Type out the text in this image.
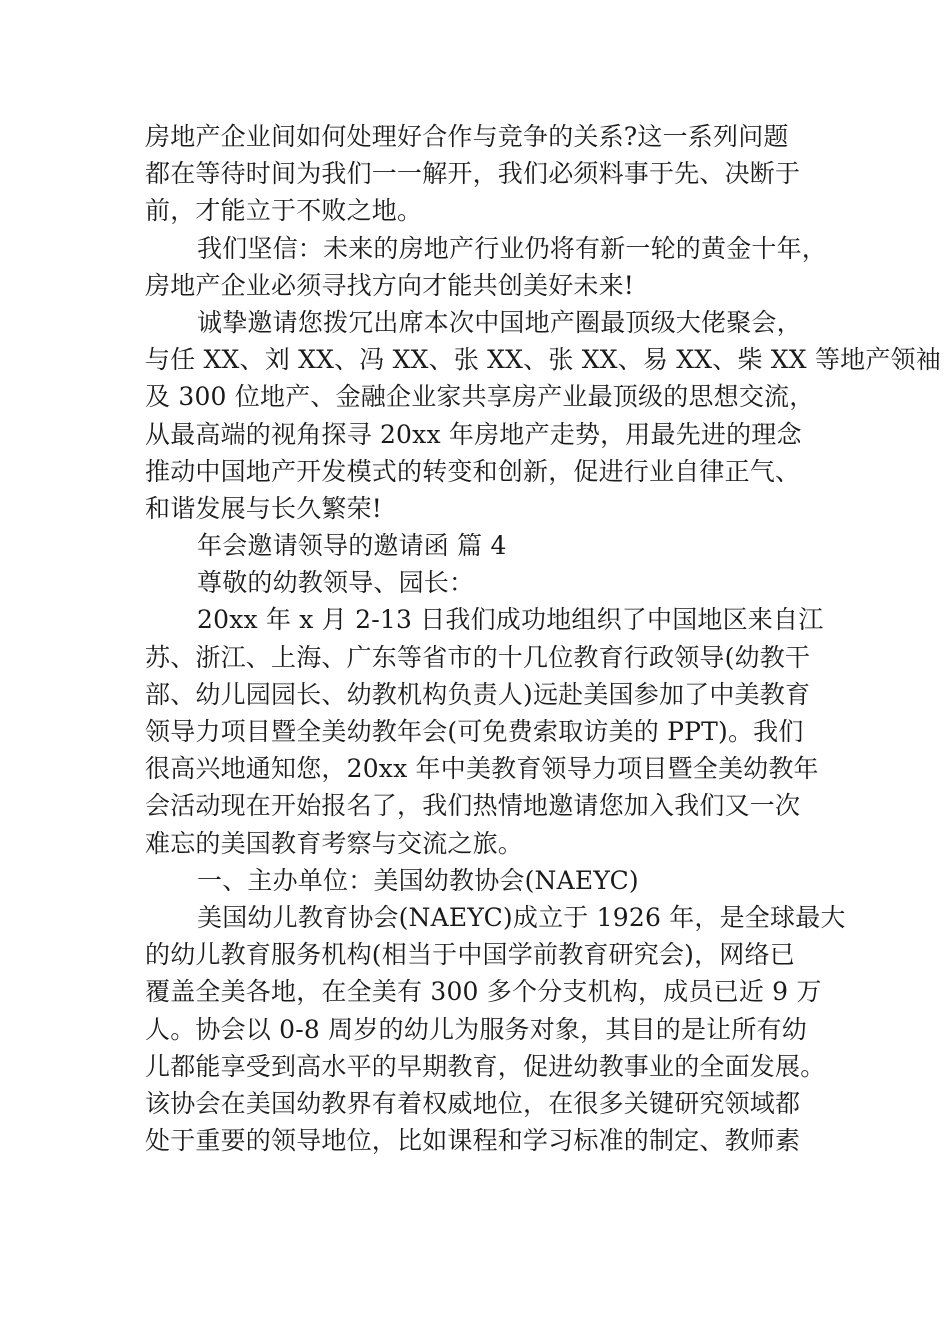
房地产企业间如何处理好合作与竞争的关系?这一系列问题
都在等待时间为我们一一解开，我们必须料事于先、决断于
前，才能立于不败之地。
我们坚信：未来的房地产行业仍将有新一轮的黄金十年，
房地产企业必须寻找方向才能共创美好未来!
诚挚邀请您拨冗出席本次中国地产圈最顶级大佬聚会，
与任 XX、刘 XX、冯 XX、张 XX、张 XX、易 XX、柴 XX 等地产领袖
及 300 位地产、金融企业家共享房产业最顶级的思想交流，
从最高端的视角探寻 20xx 年房地产走势，用最先进的理念
推动中国地产开发模式的转变和创新，促进行业自律正气、
和谐发展与长久繁荣!
年会邀请领导的邀请函 篇 4
尊敬的幼教领导、园长：
20xx 年 x 月 2-13 日我们成功地组织了中国地区来自江
苏、浙江、上海、广东等省市的十几位教育行政领导(幼教干
部、幼儿园园长、幼教机构负责人)远赴美国参加了中美教育
领导力项目暨全美幼教年会(可免费索取访美的 PPT)。我们
很高兴地通知您，20xx 年中美教育领导力项目暨全美幼教年
会活动现在开始报名了，我们热情地邀请您加入我们又一次
难忘的美国教育考察与交流之旅。
一、主办单位：美国幼教协会(NAEYC)
美国幼儿教育协会(NAEYC)成立于 1926 年，是全球最大
的幼儿教育服务机构(相当于中国学前教育研究会)，网络已
覆盖全美各地，在全美有 300 多个分支机构，成员已近 9 万
人。协会以 0-8 周岁的幼儿为服务对象，其目的是让所有幼
儿都能享受到高水平的早期教育，促进幼教事业的全面发展。
该协会在美国幼教界有着权威地位，在很多关键研究领域都
处于重要的领导地位，比如课程和学习标准的制定、教师素
